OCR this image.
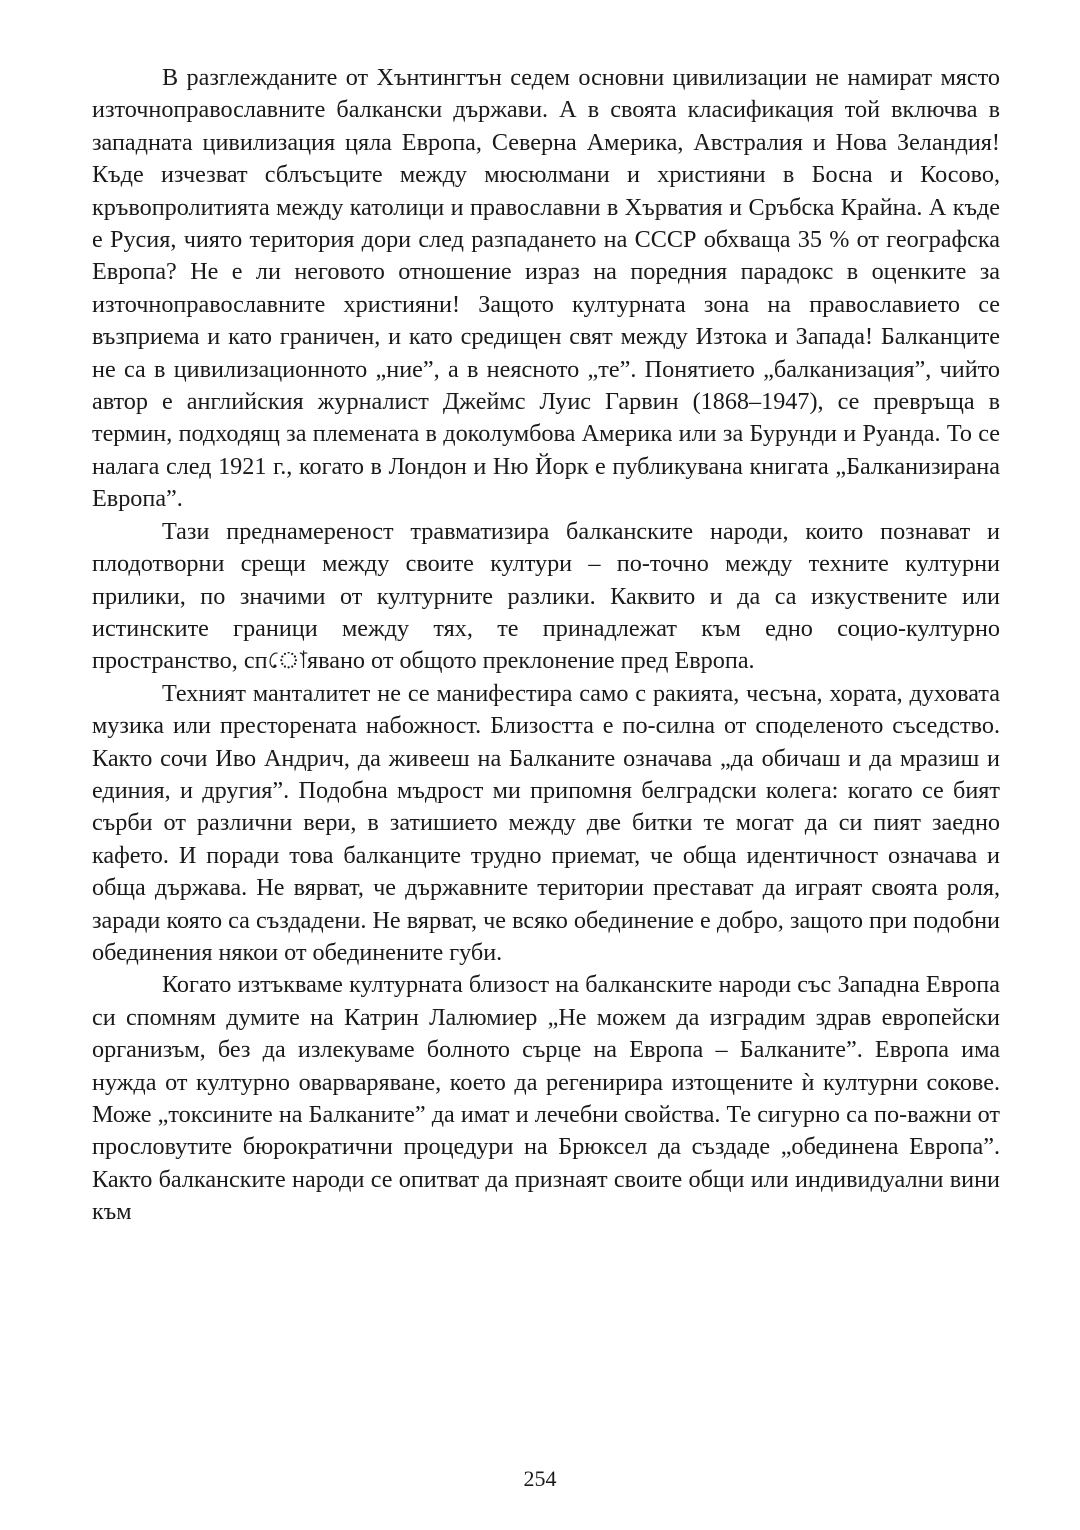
В разглежданите от Хънтингтън седем основни цивилизации не намират място източноправославните балкански държави. А в своята класификация той включва в западната цивилизация цяла Европа, Северна Америка, Австралия и Нова Зеландия! Къде изчезват сблъсъците между мюсюлмани и християни в Босна и Косово, кръвопролитията между католици и православни в Хърватия и Сръбска Крайна. А къде е Русия, чиято територия дори след разпадането на СССР обхваща 35 % от географска Европа? Не е ли неговото отношение израз на поредния парадокс в оценките за източноправославните християни! Защото културната зона на православието се възприема и като граничен, и като средищен свят между Изтока и Запада! Балканците не са в цивилизационното „ние”, а в неясното „те”. Понятието „балканизация”, чийто автор е английския журналист Джеймс Луис Гарвин (1868–1947), се превръща в термин, подходящ за племената в доколумбова Америка или за Бурунди и Руанда. То се налага след 1921 г., когато в Лондон и Ню Йорк е публикувана книгата „Балканизирана Европа”.

Тази преднамереност травматизира балканските народи, които познават и плодотворни срещи между своите култури – по-точно между техните културни прилики, по значими от културните разлики. Каквито и да са изкуствените или истинските граници между тях, те принадлежат към едно социо-културно пространство, спোявано от общото преклонение пред Европа.

Техният манталитет не се манифестира само с ракията, чесъна, хората, духовата музика или престорената набожност. Близостта е по-силна от споделеното съседство. Както сочи Иво Андрич, да живееш на Балканите означава „да обичаш и да мразиш и единия, и другия”. Подобна мъдрост ми припомня белградски колега: когато се бият сърби от различни вери, в затишието между две битки те могат да си пият заедно кафето. И поради това балканците трудно приемат, че обща идентичност означава и обща държава. Не вярват, че държавните територии престават да играят своята роля, заради която са създадени. Не вярват, че всяко обединение е добро, защото при подобни обединения някои от обединените губи.

Когато изтъкваме културната близост на балканските народи със Западна Европа си спомням думите на Катрин Лалюмиер „Не можем да изградим здрав европейски организъм, без да излекуваме болното сърце на Европа – Балканите”. Европа има нужда от културно оварваряване, което да регенирира изтощените ѝ културни сокове. Може „токсините на Балканите” да имат и лечебни свойства. Те сигурно са по-важни от прословутите бюрократични процедури на Брюксел да създаде „обединена Европа”. Както балканските народи се опитват да признаят своите общи или индивидуални вини към

254
